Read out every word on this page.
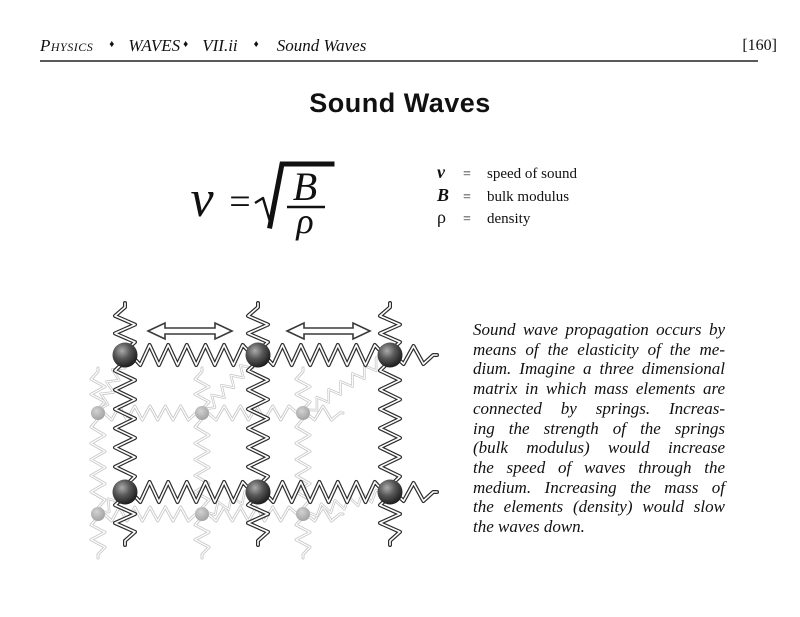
Physics ♦ WAVES ♦ VII.ii ♦ Sound Waves	[160]
Sound Waves
v = B
ρ
v	=	speed of sound
B =	bulk modulus
ρ	=	density
Sound wave propagation occurs by
means of the elasticity of the me-
dium. Imagine a three dimensional
matrix in which mass elements are
connected by springs. Increas-
ing the strength of the springs
(bulk modulus) would increase
the speed of waves through the
medium. Increasing the mass of
the elements (density) would slow
the waves down.
